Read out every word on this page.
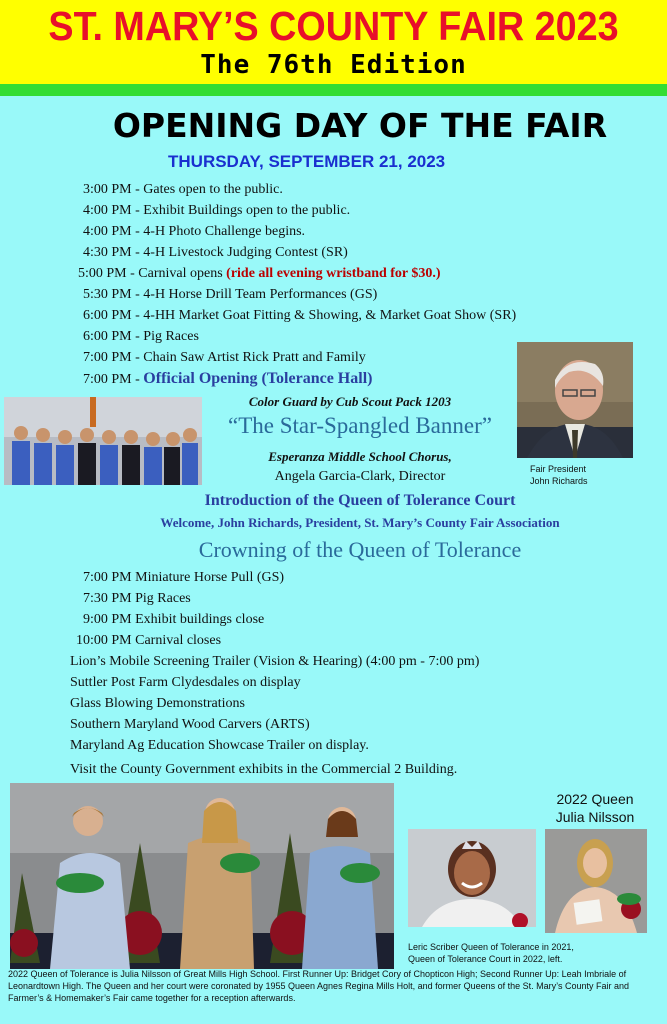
ST. MARY’S COUNTY FAIR 2023
The 76th Edition
OPENING DAY OF THE FAIR
THURSDAY, SEPTEMBER 21, 2023
3:00 PM - Gates open to the public.
4:00 PM - Exhibit Buildings open to the public.
4:00 PM - 4-H Photo Challenge begins.
4:30 PM - 4-H Livestock Judging Contest (SR)
5:00 PM - Carnival opens (ride all evening wristband for $30.)
5:30 PM - 4-H Horse Drill Team Performances (GS)
6:00 PM - 4-HH Market Goat Fitting & Showing, & Market Goat Show (SR)
6:00 PM - Pig Races
7:00 PM - Chain Saw Artist Rick Pratt and Family
7:00 PM - Official Opening (Tolerance Hall)
Fair President
John Richards
Color Guard by Cub Scout Pack 1203
“The Star-Spangled Banner”
Esperanza Middle School Chorus,
Angela Garcia-Clark, Director
Introduction of the Queen of Tolerance Court
Welcome, John Richards, President, St. Mary’s County Fair Association
Crowning of the Queen of Tolerance
7:00 PM Miniature Horse Pull (GS)
7:30 PM Pig Races
9:00 PM Exhibit buildings close
10:00 PM Carnival closes
Lion’s Mobile Screening Trailer (Vision & Hearing) (4:00 pm - 7:00 pm)
Suttler Post Farm Clydesdales on display
Glass Blowing Demonstrations
Southern Maryland Wood Carvers (ARTS)
Maryland Ag Education Showcase Trailer on display.
Visit the County Government exhibits in the Commercial 2 Building.
2022 Queen
Julia Nilsson
Leric Scriber Queen of Tolerance in 2021,
Queen of Tolerance Court in 2022, left.
2022 Queen of Tolerance is Julia Nilsson of Great Mills High School. First Runner Up: Bridget Cory of Chopticon High; Second Runner Up: Leah Imbriale of Leonardtown High. The Queen and her court were coronated by 1955 Queen Agnes Regina Mills Holt, and former Queens of the St. Mary’s County Fair and Farmer’s & Homemaker’s Fair came together for a reception afterwards.
